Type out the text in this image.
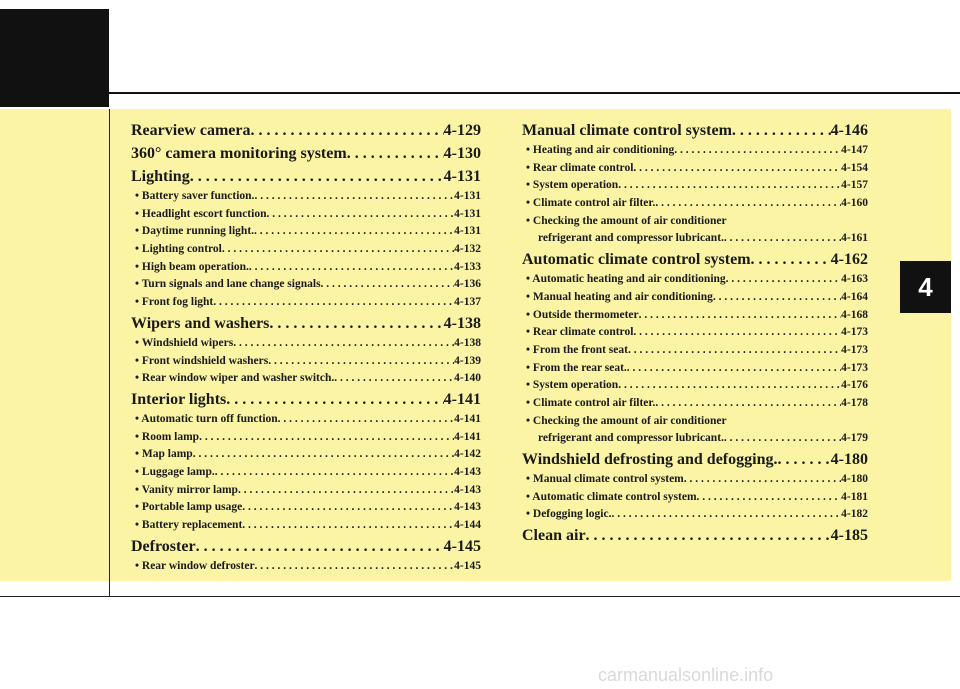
4
Rearview camera . . .	4-129
360° camera monitoring system . . .	4-130
Lighting . . .	4-131
• Battery saver function. . . .	4-131
• Headlight escort function . . .	4-131
• Daytime running light. . . .	4-131
• Lighting control . . .	4-132
• High beam operation. . . .	4-133
• Turn signals and lane change signals . . .	4-136
• Front fog light . . .	4-137
Wipers and washers . . .	4-138
• Windshield wipers . . .	4-138
• Front windshield washers . . .	4-139
• Rear window wiper and washer switch. . . .	4-140
Interior lights . . .	4-141
• Automatic turn off function . . .	4-141
• Room lamp . . .	4-141
• Map lamp . . .	4-142
• Luggage lamp. . . .	4-143
• Vanity mirror lamp . . .	4-143
• Portable lamp usage . . .	4-143
• Battery replacement . . .	4-144
Defroster . . .	4-145
• Rear window defroster . . .	4-145
Manual climate control system . . .	4-146
• Heating and air conditioning . . .	4-147
• Rear climate control . . .	4-154
• System operation . . .	4-157
• Climate control air filter. . . .	4-160
• Checking the amount of air conditioner
refrigerant and compressor lubricant. . . .	4-161
Automatic climate control system . . .	4-162
• Automatic heating and air conditioning . . .	4-163
• Manual heating and air conditioning . . .	4-164
• Outside thermometer . . .	4-168
• Rear climate control . . .	4-173
• From the front seat . . .	4-173
• From the rear seat. . . .	4-173
• System operation . . .	4-176
• Climate control air filter. . . .	4-178
• Checking the amount of air conditioner
refrigerant and compressor lubricant. . . .	4-179
Windshield defrosting and defogging. . . .	4-180
• Manual climate control system . . .	4-180
• Automatic climate control system . . .	4-181
• Defogging logic. . . .	4-182
Clean air . . .	4-185
carmanualsonline.info
